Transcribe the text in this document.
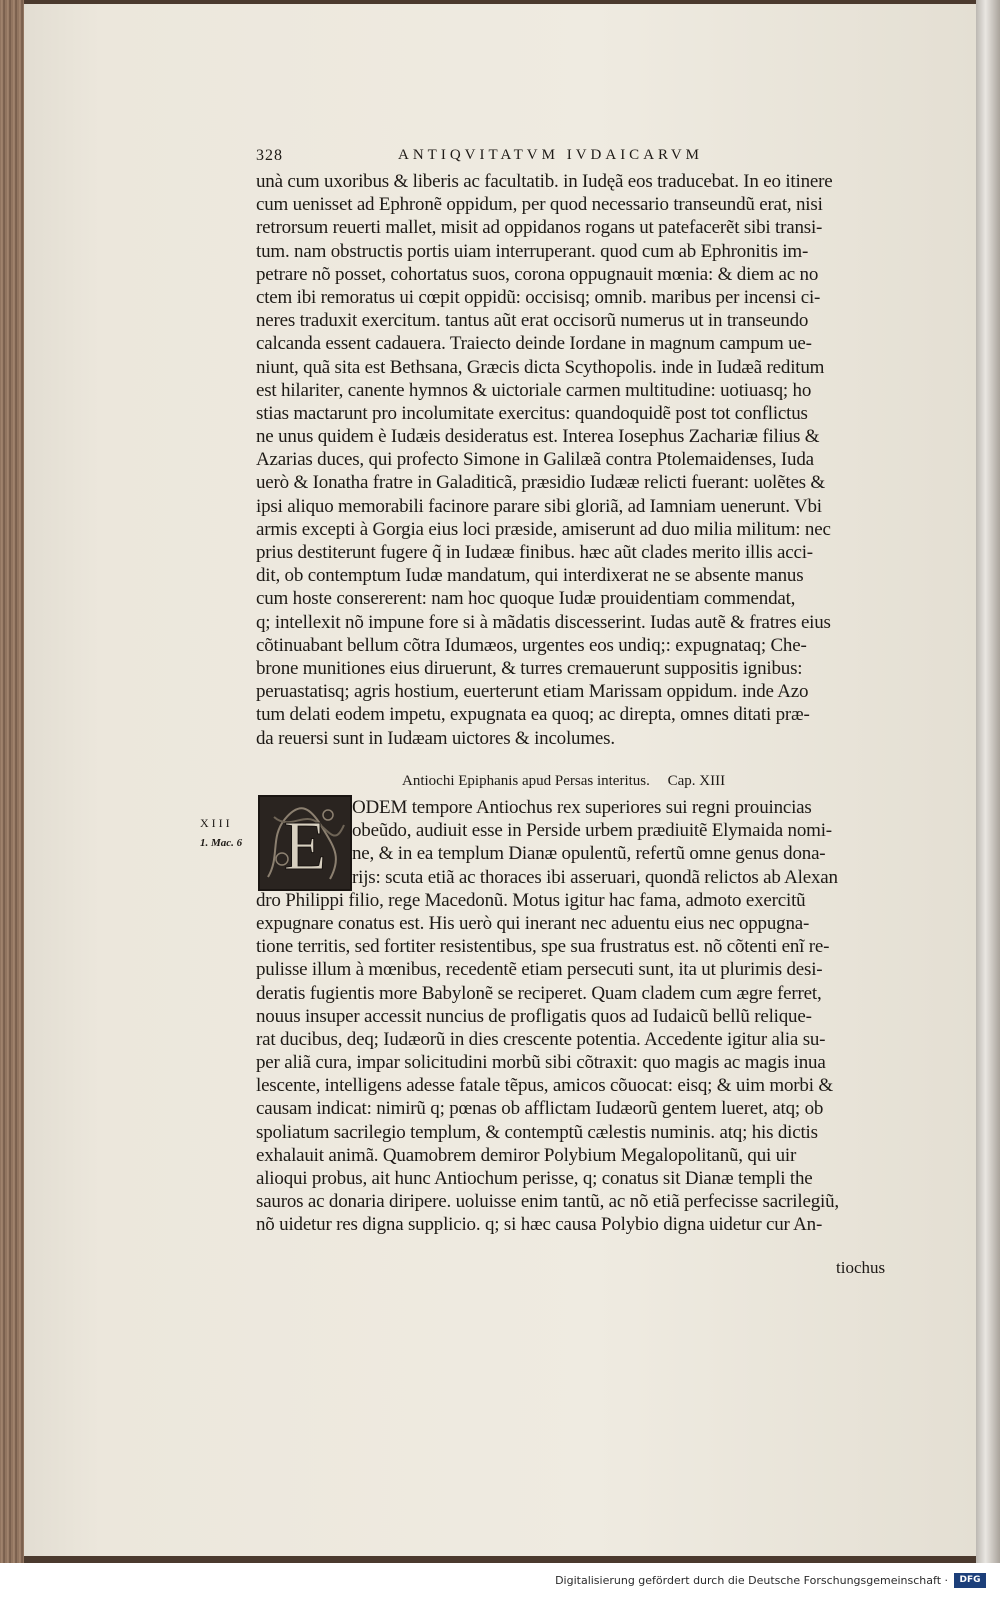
328	ANTIQVITATVM IVDAICARVM
unà cum uxoribus & liberis ac facultatib. in Iudęã eos traducebat. In eo itinere
cum uenisset ad Ephronẽ oppidum, per quod necessario transeundũ erat, nisi
retrorsum reuerti mallet, misit ad oppidanos rogans ut patefacerẽt sibi transi-
tum. nam obstructis portis uiam interruperant. quod cum ab Ephronitis im-
petrare nõ posset, cohortatus suos, corona oppugnauit mœnia: & diem ac no
ctem ibi remoratus ui cœpit oppidũ: occisisq; omnib. maribus per incensi ci-
neres traduxit exercitum. tantus aũt erat occisorũ numerus ut in transeundo
calcanda essent cadauera. Traiecto deinde Iordane in magnum campum ue-
niunt, quã sita est Bethsana, Græcis dicta Scythopolis. inde in Iudæã reditum
est hilariter, canente hymnos & uictoriale carmen multitudine: uotiuasq; ho
stias mactarunt pro incolumitate exercitus: quandoquidẽ post tot conflictus
ne unus quidem è Iudæis desideratus est. Interea Iosephus Zachariæ filius &
Azarias duces, qui profecto Simone in Galilæã contra Ptolemaidenses, Iuda
uerò & Ionatha fratre in Galaditicã, præsidio Iudææ relicti fuerant: uolẽtes &
ipsi aliquo memorabili facinore parare sibi gloriã, ad Iamniam uenerunt. Vbi
armis excepti à Gorgia eius loci præside, amiserunt ad duo milia militum: nec
prius destiterunt fugere q̃ in Iudææ finibus. hæc aũt clades merito illis acci-
dit, ob contemptum Iudæ mandatum, qui interdixerat ne se absente manus
cum hoste consererent: nam hoc quoque Iudæ prouidentiam commendat,
q; intellexit nõ impune fore si à mãdatis discesserint. Iudas autẽ & fratres eius
cõtinuabant bellum cõtra Idumæos, urgentes eos undiq;: expugnataq; Che-
brone munitiones eius diruerunt, & turres cremauerunt suppositis ignibus:
peruastatisq; agris hostium, euerterunt etiam Marissam oppidum. inde Azo
tum delati eodem impetu, expugnata ea quoq; ac direpta, omnes ditati præ-
da reuersi sunt in Iudæam uictores & incolumes.
Antiochi Epiphanis apud Persas interitus. Cap. XIII
XIII
1. Mac. 6 E
ODEM tempore Antiochus rex superiores sui regni prouincias
obeũdo, audiuit esse in Perside urbem prædiuitẽ Elymaida nomi-
ne, & in ea templum Dianæ opulentũ, refertũ omne genus dona-
rijs: scuta etiã ac thoraces ibi asseruari, quondã relictos ab Alexan
dro Philippi filio, rege Macedonũ. Motus igitur hac fama, admoto exercitũ
expugnare conatus est. His uerò qui inerant nec aduentu eius nec oppugna-
tione territis, sed fortiter resistentibus, spe sua frustratus est. nõ cõtenti enĩ re-
pulisse illum à mœnibus, recedentẽ etiam persecuti sunt, ita ut plurimis desi-
deratis fugientis more Babylonẽ se reciperet. Quam cladem cum ægre ferret,
nouus insuper accessit nuncius de profligatis quos ad Iudaicũ bellũ relique-
rat ducibus, deq; Iudæorũ in dies crescente potentia. Accedente igitur alia su-
per aliã cura, impar solicitudini morbũ sibi cõtraxit: quo magis ac magis inua
lescente, intelligens adesse fatale tẽpus, amicos cõuocat: eisq; & uim morbi &
causam indicat: nimirũ q; pœnas ob afflictam Iudæorũ gentem lueret, atq; ob
spoliatum sacrilegio templum, & contemptũ cælestis numinis. atq; his dictis
exhalauit animã. Quamobrem demiror Polybium Megalopolitanũ, qui uir
alioqui probus, ait hunc Antiochum perisse, q; conatus sit Dianæ templi the
sauros ac donaria diripere. uoluisse enim tantũ, ac nõ etiã perfecisse sacrilegiũ,
nõ uidetur res digna supplicio. q; si hæc causa Polybio digna uidetur cur An-
tiochus
Digitalisierung gefördert durch die Deutsche Forschungsgemeinschaft ·	DFG
